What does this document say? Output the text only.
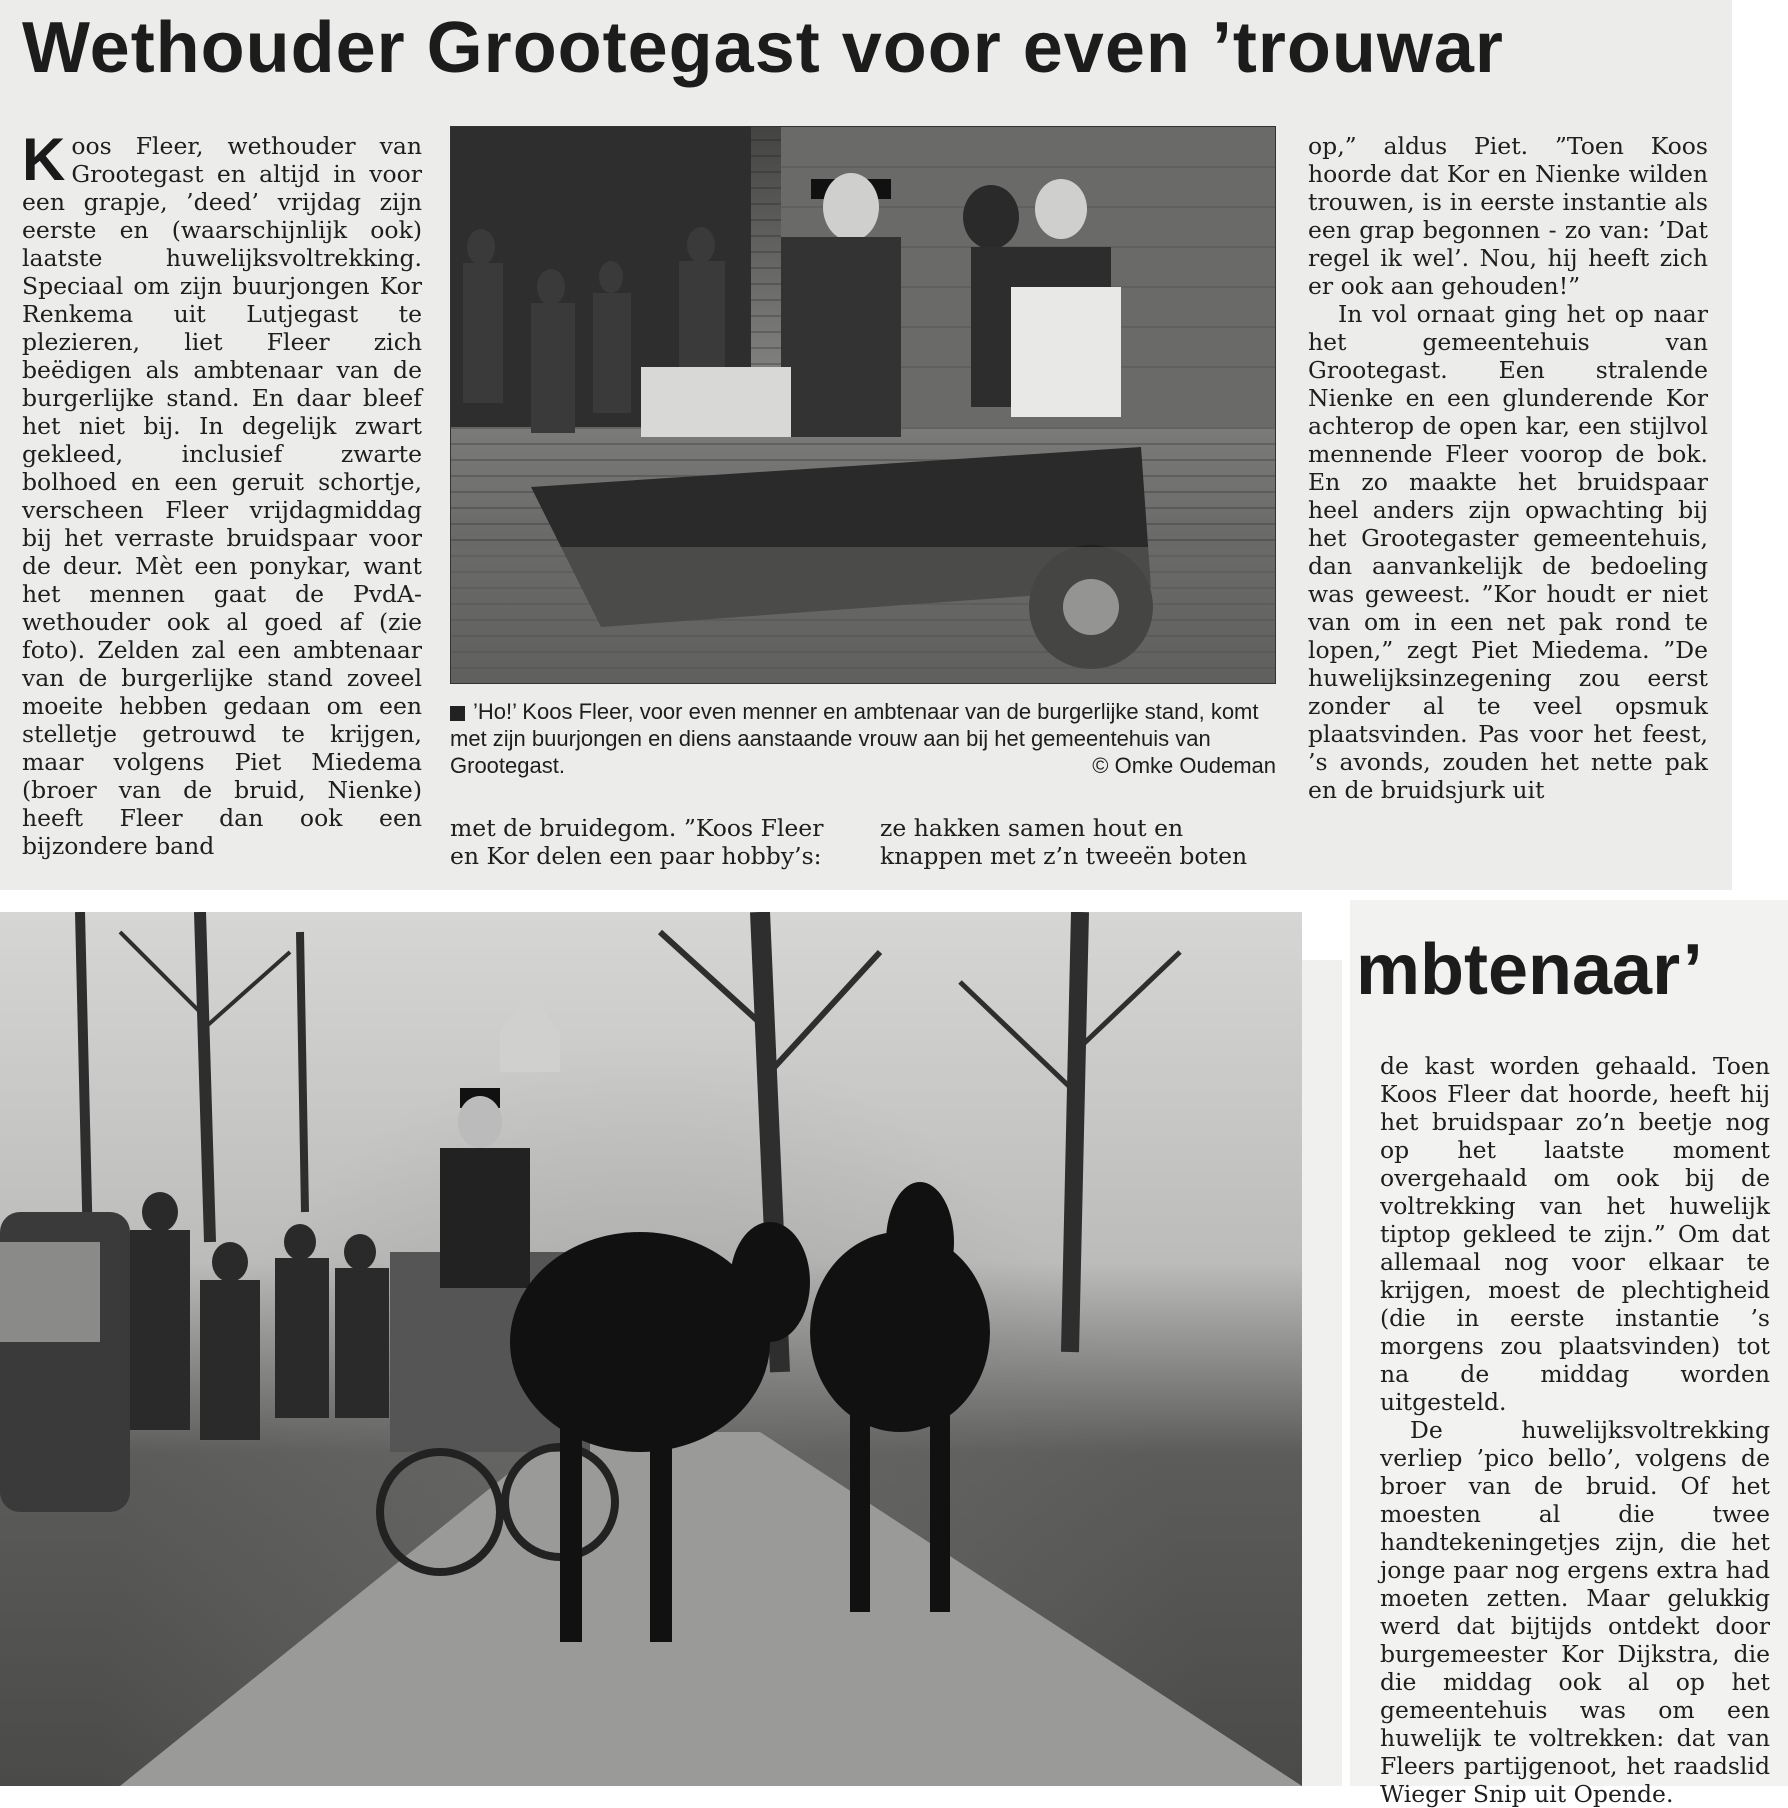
Wethouder Grootegast voor even ’trouwar

Koos Fleer, wethouder van Grootegast en altijd in voor een grapje, ’deed’ vrijdag zijn eerste en (waarschijnlijk ook) laatste huwelijksvoltrekking. Speciaal om zijn buurjongen Kor Renkema uit Lutjegast te plezieren, liet Fleer zich beëdigen als ambtenaar van de burgerlijke stand. En daar bleef het niet bij. In degelijk zwart gekleed, inclusief zwarte bolhoed en een geruit schortje, verscheen Fleer vrijdagmiddag bij het verraste bruidspaar voor de deur. Mèt een ponykar, want het mennen gaat de PvdA-wethouder ook al goed af (zie foto). Zelden zal een ambtenaar van de burgerlijke stand zoveel moeite hebben gedaan om een stelletje getrouwd te krijgen, maar volgens Piet Miedema (broer van de bruid, Nienke) heeft Fleer dan ook een bijzondere band

’Ho!’ Koos Fleer, voor even menner en ambtenaar van de burgerlijke stand, komt met zijn buurjongen en diens aanstaande vrouw aan bij het gemeentehuis van Grootegast.	© Omke Oudeman

met de bruidegom. ”Koos Fleer en Kor delen een paar hobby’s:

ze hakken samen hout en knappen met z’n tweeën boten

op,” aldus Piet. ”Toen Koos hoorde dat Kor en Nienke wilden trouwen, is in eerste instantie als een grap begonnen - zo van: ’Dat regel ik wel’. Nou, hij heeft zich er ook aan gehouden!”

In vol ornaat ging het op naar het gemeentehuis van Grootegast. Een stralende Nienke en een glunderende Kor achterop de open kar, een stijlvol mennende Fleer voorop de bok. En zo maakte het bruidspaar heel anders zijn opwachting bij het Grootegaster gemeentehuis, dan aanvankelijk de bedoeling was geweest. ”Kor houdt er niet van om in een net pak rond te lopen,” zegt Piet Miedema. ”De huwelijksinzegening zou eerst zonder al te veel opsmuk plaatsvinden. Pas voor het feest, ’s avonds, zouden het nette pak en de bruidsjurk uit

mbtenaar’

de kast worden gehaald. Toen Koos Fleer dat hoorde, heeft hij het bruidspaar zo’n beetje nog op het laatste moment overgehaald om ook bij de voltrekking van het huwelijk tiptop gekleed te zijn.” Om dat allemaal nog voor elkaar te krijgen, moest de plechtigheid (die in eerste instantie ’s morgens zou plaatsvinden) tot na de middag worden uitgesteld.

De huwelijksvoltrekking verliep ’pico bello’, volgens de broer van de bruid. Of het moesten al die twee handtekeningetjes zijn, die het jonge paar nog ergens extra had moeten zetten. Maar gelukkig werd dat bijtijds ontdekt door burgemeester Kor Dijkstra, die die middag ook al op het gemeentehuis was om een huwelijk te voltrekken: dat van Fleers partijgenoot, het raadslid Wieger Snip uit Opende.
